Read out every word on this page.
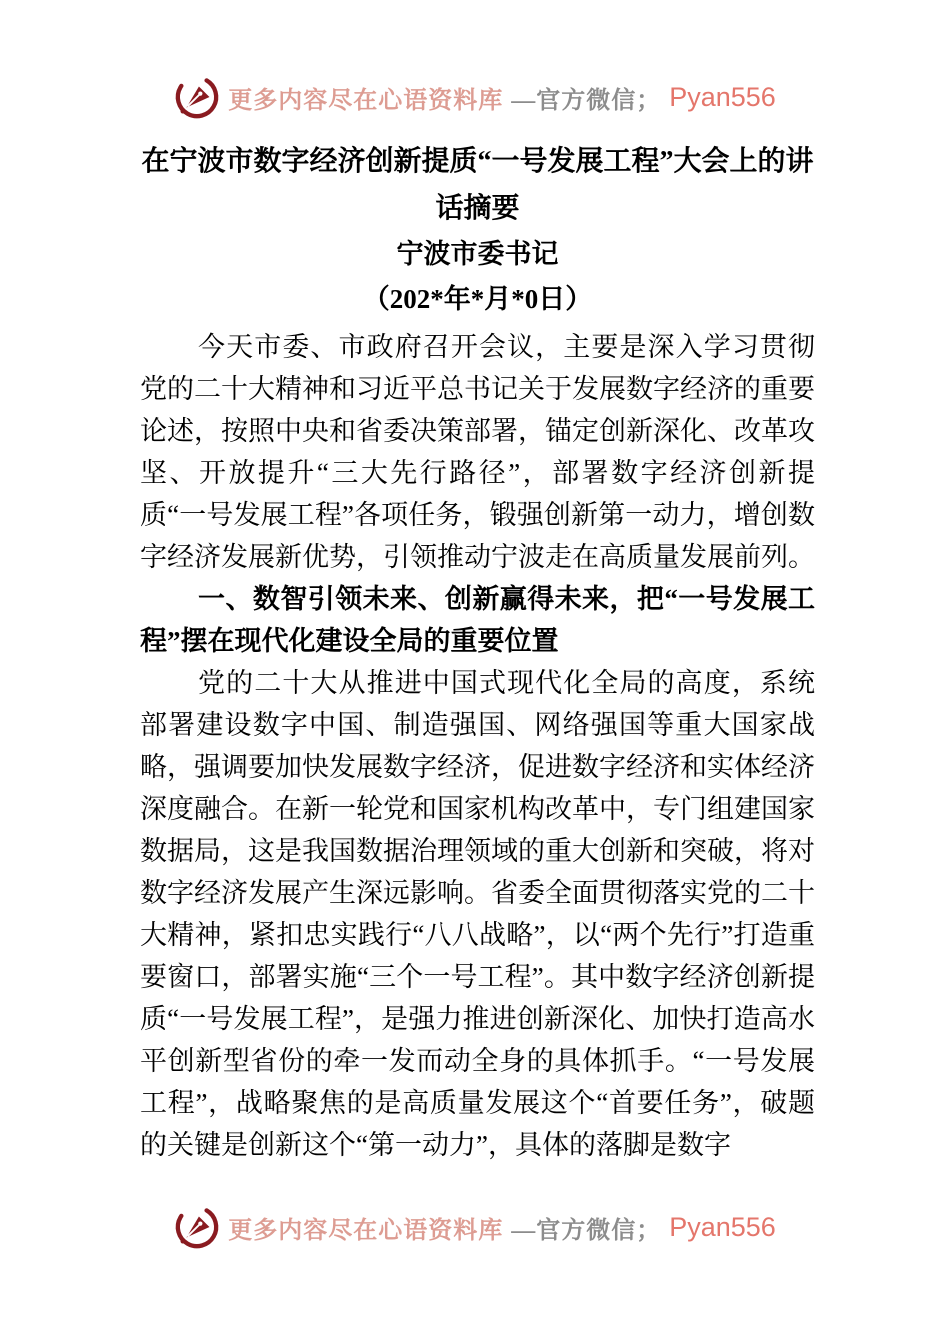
更多内容尽在心语资料库 —官方微信； Pyan556
在宁波市数字经济创新提质“一号发展工程”大会上的讲话摘要
宁波市委书记
（202*年*月*0日）

今天市委、市政府召开会议，主要是深入学习贯彻党的二十大精神和习近平总书记关于发展数字经济的重要论述，按照中央和省委决策部署，锚定创新深化、改革攻坚、开放提升“三大先行路径”，部署数字经济创新提质“一号发展工程”各项任务，锻强创新第一动力，增创数字经济发展新优势，引领推动宁波走在高质量发展前列。

一、数智引领未来、创新赢得未来，把“一号发展工程”摆在现代化建设全局的重要位置

党的二十大从推进中国式现代化全局的高度，系统部署建设数字中国、制造强国、网络强国等重大国家战略，强调要加快发展数字经济，促进数字经济和实体经济深度融合。在新一轮党和国家机构改革中，专门组建国家数据局，这是我国数据治理领域的重大创新和突破，将对数字经济发展产生深远影响。省委全面贯彻落实党的二十大精神，紧扣忠实践行“八八战略”，以“两个先行”打造重要窗口，部署实施“三个一号工程”。其中数字经济创新提质“一号发展工程”，是强力推进创新深化、加快打造高水平创新型省份的牵一发而动全身的具体抓手。“一号发展工程”，战略聚焦的是高质量发展这个“首要任务”，破题的关键是创新这个“第一动力”，具体的落脚是数字

更多内容尽在心语资料库 —官方微信； Pyan556
